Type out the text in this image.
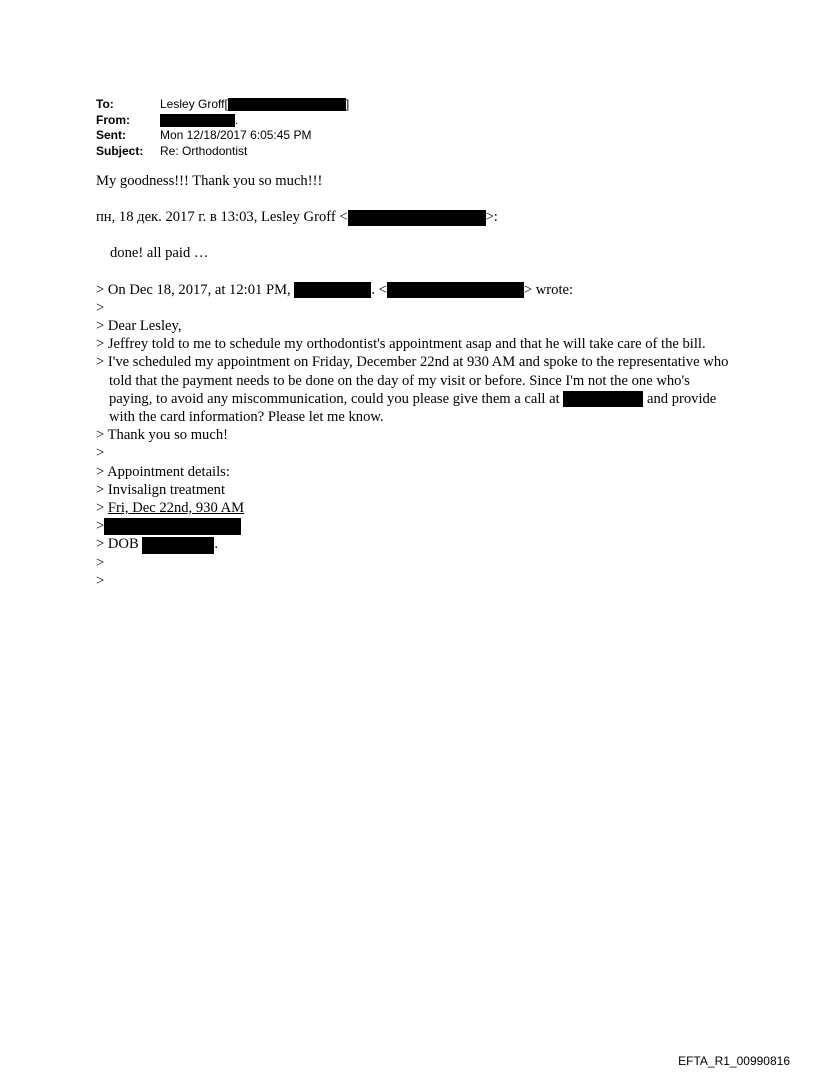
To:	Lesley Groff[	]
From:	.
Sent:	Mon 12/18/2017 6:05:45 PM
Subject:	Re: Orthodontist

My goodness!!! Thank you so much!!!

пн, 18 дек. 2017 г. в 13:03, Lesley Groff <	>:

done! all paid …

> On Dec 18, 2017, at 12:01 PM,	. <	> wrote:

>

> Dear Lesley,

> Jeffrey told to me to schedule my orthodontist's appointment asap and that he will take care of the bill.

> I've scheduled my appointment on Friday, December 22nd at 930 AM and spoke to the representative who told that the payment needs to be done on the day of my visit or before. Since I'm not the one who's paying, to avoid any miscommunication, could you please give them a call at	and provide with the card information? Please let me know.

> Thank you so much!

>

> Appointment details:

> Invisalign treatment

> Fri, Dec 22nd, 930 AM

>

> DOB	.

>

>

EFTA_R1_00990816
